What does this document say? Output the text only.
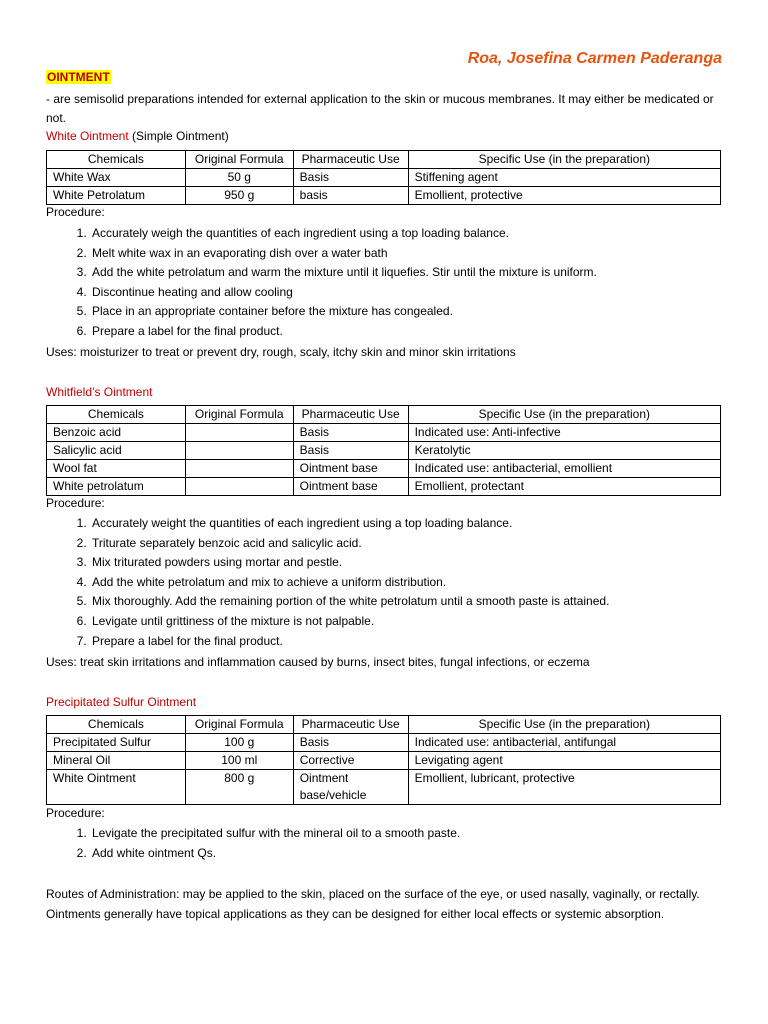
Roa, Josefina Carmen Paderanga
OINTMENT
- are semisolid preparations intended for external application to the skin or mucous membranes. It may either be medicated or not.
White Ointment (Simple Ointment)
Chemicals	Original Formula	Pharmaceutic Use	Specific Use (in the preparation)
White Wax	50 g	Basis	Stiffening agent
White Petrolatum	950 g	basis	Emollient, protective
Procedure:
1. Accurately weigh the quantities of each ingredient using a top loading balance.
2. Melt white wax in an evaporating dish over a water bath
3. Add the white petrolatum and warm the mixture until it liquefies. Stir until the mixture is uniform.
4. Discontinue heating and allow cooling
5. Place in an appropriate container before the mixture has congealed.
6. Prepare a label for the final product.
Uses: moisturizer to treat or prevent dry, rough, scaly, itchy skin and minor skin irritations
Whitfield’s Ointment
Chemicals	Original Formula	Pharmaceutic Use	Specific Use (in the preparation)
Benzoic acid		Basis	Indicated use: Anti-infective
Salicylic acid		Basis	Keratolytic
Wool fat		Ointment base	Indicated use: antibacterial, emollient
White petrolatum		Ointment base	Emollient, protectant
Procedure:
1. Accurately weight the quantities of each ingredient using a top loading balance.
2. Triturate separately benzoic acid and salicylic acid.
3. Mix triturated powders using mortar and pestle.
4. Add the white petrolatum and mix to achieve a uniform distribution.
5. Mix thoroughly. Add the remaining portion of the white petrolatum until a smooth paste is attained.
6. Levigate until grittiness of the mixture is not palpable.
7. Prepare a label for the final product.
Uses: treat skin irritations and inflammation caused by burns, insect bites, fungal infections, or eczema
Precipitated Sulfur Ointment
Chemicals	Original Formula	Pharmaceutic Use	Specific Use (in the preparation)
Precipitated Sulfur	100 g	Basis	Indicated use: antibacterial, antifungal
Mineral Oil	100 ml	Corrective	Levigating agent
White Ointment	800 g	Ointment base/vehicle	Emollient, lubricant, protective
Procedure:
1. Levigate the precipitated sulfur with the mineral oil to a smooth paste.
2. Add white ointment Qs.
Routes of Administration: may be applied to the skin, placed on the surface of the eye, or used nasally, vaginally, or rectally. Ointments generally have topical applications as they can be designed for either local effects or systemic absorption.
